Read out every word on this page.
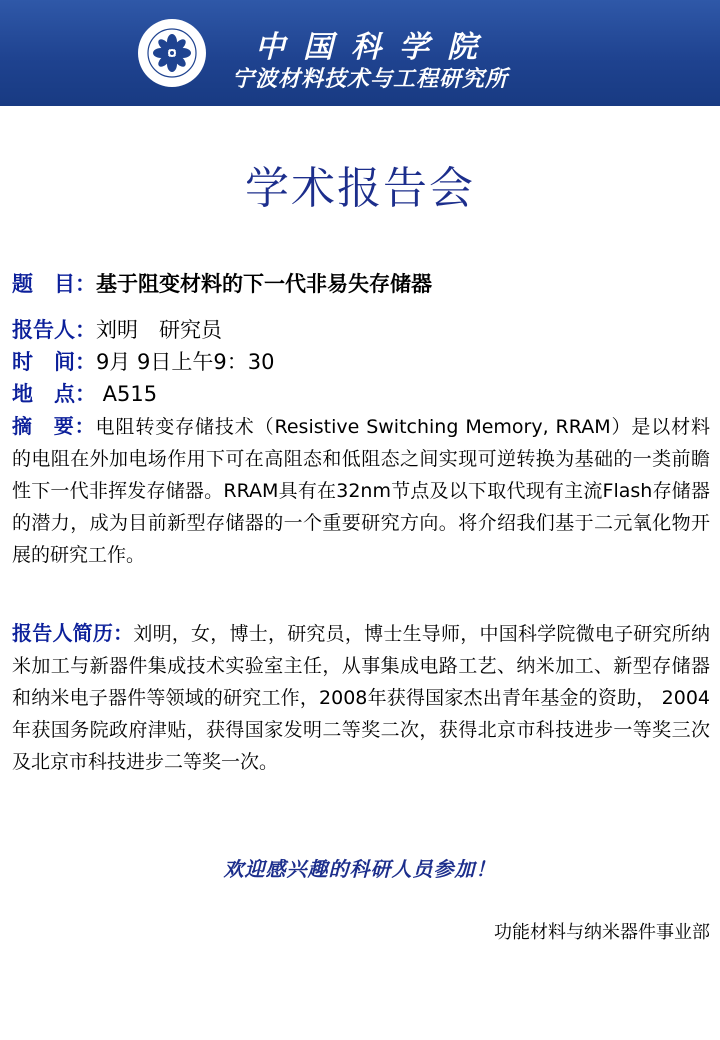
中国科学院
宁波材料技术与工程研究所
学术报告会
题　目：基于阻变材料的下一代非易失存储器
报告人：刘明　研究员
时　间：9月 9日上午9：30
地　点： A515
摘　要：电阻转变存储技术（Resistive Switching Memory, RRAM）是以材料的电阻在外加电场作用下可在高阻态和低阻态之间实现可逆转换为基础的一类前瞻性下一代非挥发存储器。RRAM具有在32nm节点及以下取代现有主流Flash存储器的潜力，成为目前新型存储器的一个重要研究方向。将介绍我们基于二元氧化物开展的研究工作。
报告人简历：刘明，女，博士，研究员，博士生导师，中国科学院微电子研究所纳米加工与新器件集成技术实验室主任，从事集成电路工艺、纳米加工、新型存储器和纳米电子器件等领域的研究工作，2008年获得国家杰出青年基金的资助， 2004年获国务院政府津贴，获得国家发明二等奖二次，获得北京市科技进步一等奖三次及北京市科技进步二等奖一次。
欢迎感兴趣的科研人员参加！
功能材料与纳米器件事业部
